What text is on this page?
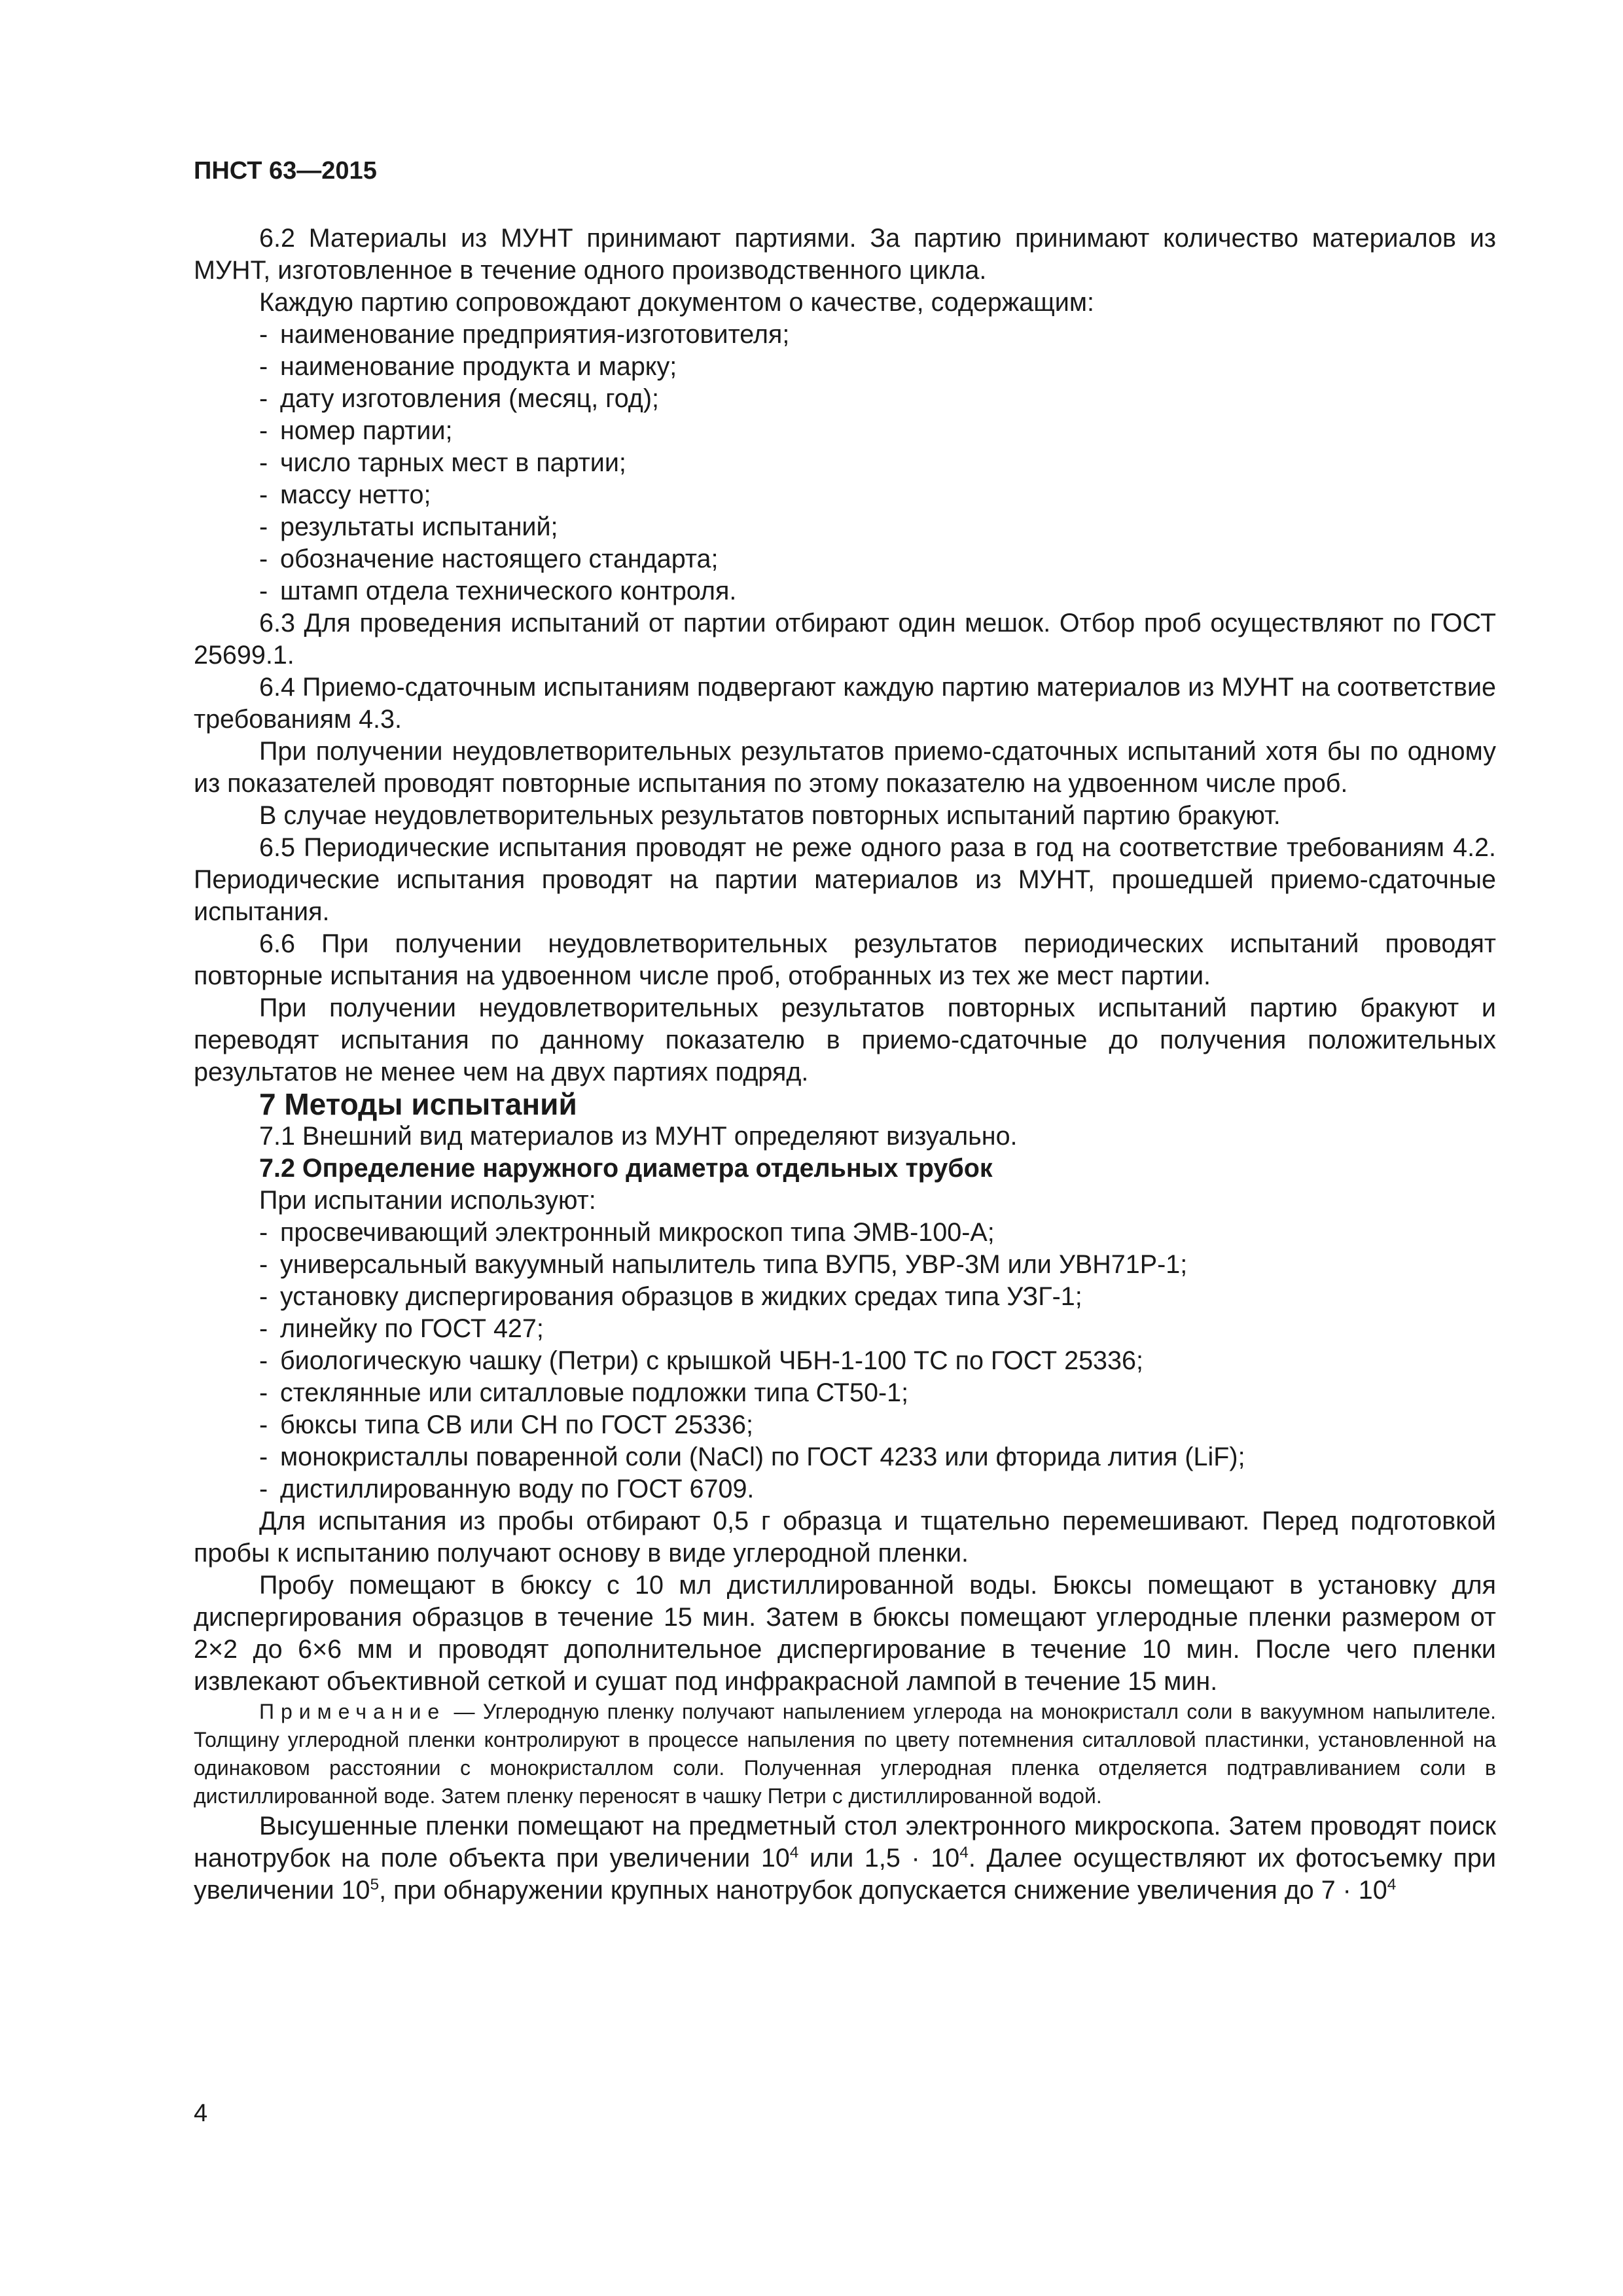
ПНСТ 63—2015

6.2 Материалы из МУНТ принимают партиями. За партию принимают количество материалов из МУНТ, изготовленное в течение одного производственного цикла.

Каждую партию сопровождают документом о качестве, содержащим:

- наименование предприятия-изготовителя;
- наименование продукта и марку;
- дату изготовления (месяц, год);
- номер партии;
- число тарных мест в партии;
- массу нетто;
- результаты испытаний;
- обозначение настоящего стандарта;
- штамп отдела технического контроля.

6.3 Для проведения испытаний от партии отбирают один мешок. Отбор проб осуществляют по ГОСТ 25699.1.

6.4 Приемо-сдаточным испытаниям подвергают каждую партию материалов из МУНТ на соответствие требованиям 4.3.

При получении неудовлетворительных результатов приемо-сдаточных испытаний хотя бы по одному из показателей проводят повторные испытания по этому показателю на удвоенном числе проб.

В случае неудовлетворительных результатов повторных испытаний партию бракуют.

6.5 Периодические испытания проводят не реже одного раза в год на соответствие требованиям 4.2. Периодические испытания проводят на партии материалов из МУНТ, прошедшей приемо-сдаточные испытания.

6.6 При получении неудовлетворительных результатов периодических испытаний проводят повторные испытания на удвоенном числе проб, отобранных из тех же мест партии.

При получении неудовлетворительных результатов повторных испытаний партию бракуют и переводят испытания по данному показателю в приемо-сдаточные до получения положительных результатов не менее чем на двух партиях подряд.

7 Методы испытаний

7.1 Внешний вид материалов из МУНТ определяют визуально.

7.2 Определение наружного диаметра отдельных трубок

При испытании используют:

- просвечивающий электронный микроскоп типа ЭМВ-100-А;
- универсальный вакуумный напылитель типа ВУП5, УВР-3М или УВН71Р-1;
- установку диспергирования образцов в жидких средах типа УЗГ-1;
- линейку по ГОСТ 427;
- биологическую чашку (Петри) с крышкой ЧБН-1-100 ТС по ГОСТ 25336;
- стеклянные или ситалловые подложки типа СТ50-1;
- бюксы типа СВ или СН по ГОСТ 25336;
- монокристаллы поваренной соли (NaCl) по ГОСТ 4233 или фторида лития (LiF);
- дистиллированную воду по ГОСТ 6709.

Для испытания из пробы отбирают 0,5 г образца и тщательно перемешивают. Перед подготовкой пробы к испытанию получают основу в виде углеродной пленки.

Пробу помещают в бюксу с 10 мл дистиллированной воды. Бюксы помещают в установку для диспергирования образцов в течение 15 мин. Затем в бюксы помещают углеродные пленки размером от 2×2 до 6×6 мм и проводят дополнительное диспергирование в течение 10 мин. После чего пленки извлекают объективной сеткой и сушат под инфракрасной лампой в течение 15 мин.

Примечание — Углеродную пленку получают напылением углерода на монокристалл соли в вакуумном напылителе. Толщину углеродной пленки контролируют в процессе напыления по цвету потемнения ситалловой пластинки, установленной на одинаковом расстоянии с монокристаллом соли. Полученная углеродная пленка отделяется подтравливанием соли в дистиллированной воде. Затем пленку переносят в чашку Петри с дистиллированной водой.

Высушенные пленки помещают на предметный стол электронного микроскопа. Затем проводят поиск нанотрубок на поле объекта при увеличении $10^4$ или $1,5 \cdot 10^4$. Далее осуществляют их фотосъемку при увеличении $10^5$, при обнаружении крупных нанотрубок допускается снижение увеличения до $7 \cdot 10^4$

4
